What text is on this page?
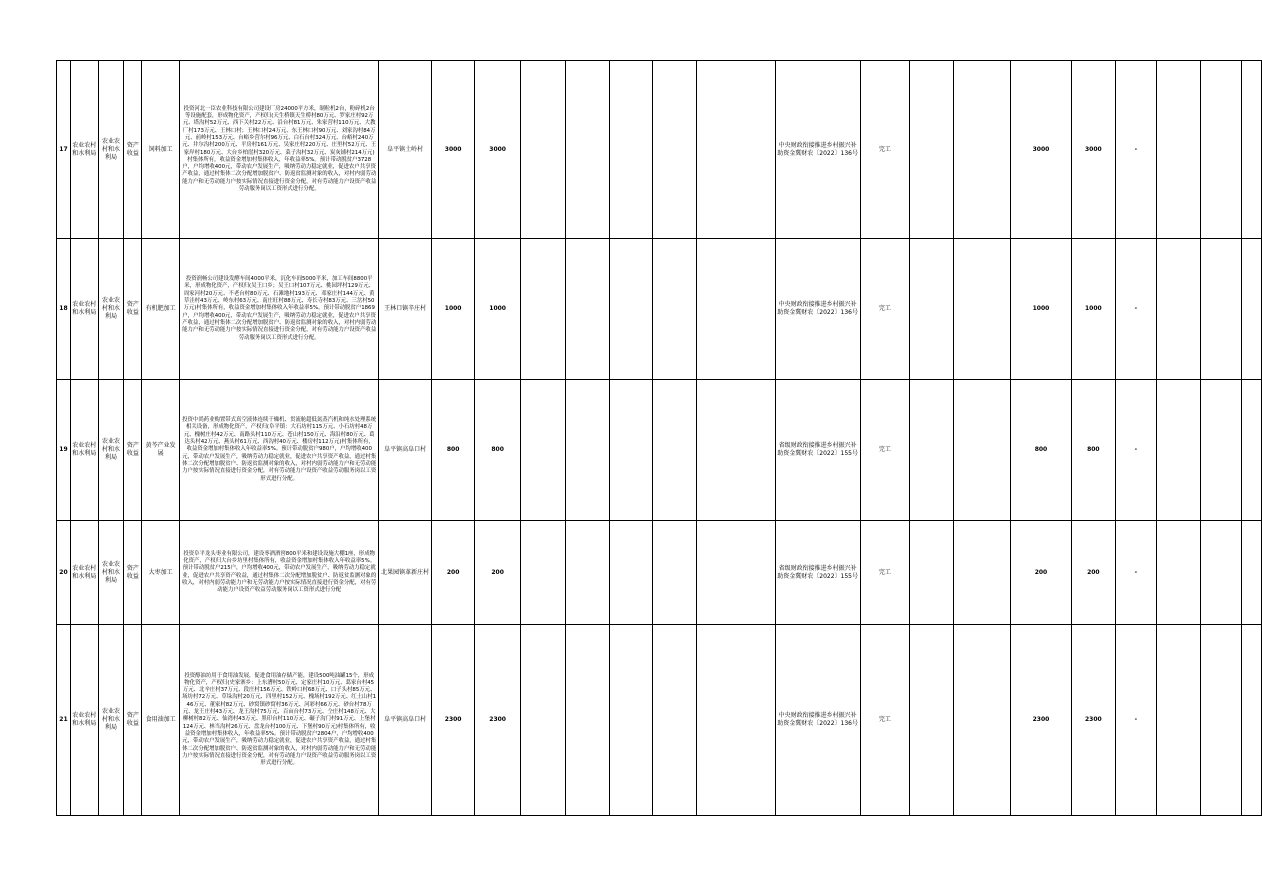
17	农业农村和水利局	农业农村和水利局	资产收益	饲料加工	投资河北一臣农业科技有限公司建设厂房24000平方米，制粒机2台，粉碎机2台等设施配套，形成物化资产，产权归(天生桥镇天生桥村80万元、罗家庄村92万元、塔沟村52万元、西下关村22万元、沿台村81万元、朱家营村110万元、大教厂村173万元、王林口村；王林口村24万元、东王林口村90万元、刘家沟村84万元、前岭村153万元、台峪乡营尔村96万元、白石台村324万元、台峪村240万元、井尔沟村200万元、平房村161万元、吴家庄村220万元、庄里村52万元、王家岸村180万元、大台乡柏崖村320万元、菜子沟村32万元、炭灰铺村214万元)村集体所有，收益资金增加村集体收入，年收益率5%。预计带动脱贫户3728户，户均增收400元，带动农户发展生产，吸纳劳动力稳定就业，促进农户共享资产收益，通过村集体二次分配增加脱贫户、防返贫监测对象的收入，对村内弱劳动能力户和无劳动能力户按实际情况直接进行资金分配，对有劳动能力户设资产收益劳动服务岗以工资形式进行分配。	阜平镇土岭村	3000	3000						中央财政衔接推进乡村振兴补助资金冀财农〔2022〕136号	完工			3000	3000	-			
18	农业农村和水利局	农业农村和水利局	资产收益	有机肥加工	投资润畅公司建设发酵车间4000平米，沉化车间5000平米，加工车间8800平米，形成物化资产，产权归(吴王口乡；吴王口村107万元、桃园坪村129万元、周家河村20万元、不老台村80万元、石滩地村193万元、邓家庄村144万元、黄草洼村43万元、岭东村63万元、南庄旺村88万元、寿长寺村83万元、三岔村50万元)村集体所有，收益资金增加村集体收入年收益率5%。预计带动脱贫户1869户，户均增收400元，带动农户发展生产，吸纳劳动力稳定就业，促进农户共享资产收益，通过村集体二次分配增加脱贫户、防返贫监测对象的收入，对村内弱劳动能力户和无劳动能力户按实际情况直接进行资金分配，对有劳动能力户设资产收益劳动服务岗以工资形式进行分配。	王林口镇辛庄村	1000	1000						中央财政衔接推进乡村振兴补助资金冀财农〔2022〕136号	完工			1000	1000	-			
19	农业农村和水利局	农业农村和水利局	资产收益	黄芩产业发展	投资中尚药业购置带式真空液体连续干燥机、贯流舱超低氮蒸汽机和纯水处理系统相关设备，形成物化资产，产权归(阜平镇：大石坊村115万元、小石坊村48万元、槐树庄村42万元、南路头村110万元、苍山村150万元、海沿村80万元、葛达头村42万元、燕头村61万元、西沟村40万元、楼房村112万元)村集体所有，收益资金增加村集体收入年收益率5%。预计带动脱贫户980户，户均增收400元，带动农户发展生产，吸纳劳动力稳定就业，促进农户共享资产收益，通过村集体二次分配增加脱贫户、防返贫监测对象的收入，对村内弱劳动能力户和无劳动能力户按实际情况直接进行资金分配，对有劳动能力户设资产收益劳动服务岗以工资形式进行分配。	阜平镇高阜口村	800	800						省级财政衔接推进乡村振兴补助资金冀财农〔2022〕155号	完工			800	800	-			
20	农业农村和水利局	农业农村和水利局	资产收益	大枣加工	投资阜平龙头枣业有限公司，建设枣酒酒窖800平米和建设设施大棚1座，形成物化资产，产权归大台乡坊里村集体所有，收益资金增加村集体收入年收益率5%。预计带动脱贫户215户，户均增收400元，带动农户发展生产，吸纳劳动力稳定就业，促进农户共享资产收益，通过村集体二次分配增加脱贫户、防返贫监测对象的收入，对村内弱劳动能力户和无劳动能力户按实际情况直接进行资金分配，对有劳动能力户设资产收益劳动服务岗以工资形式进行分配	北果园镇革新庄村	200	200						省级财政衔接推进乡村振兴补助资金冀财农〔2022〕155号	完工			200	200	-			
21	农业农村和水利局	农业农村和水利局	资产收益	食用油加工	投资醇油坊用于食用油发展，促进食用油存储产能，建设500吨油罐15个，形成物化资产，产权归(史家寨乡：上东漕村50万元、定家庄村10万元、葛家台村45万元、北辛庄村37万元、段庄村156万元、铁岭口村68万元、口子头村85万元、场坊村72万元、草垛沟村20万元、四里村152万元、槐场村192万元、红土山村146万元、董家村82万元、砂窝镇砂窝村36万元、河彩村66万元、砂台村78万元、龙王庄村43万元、龙王沟村75万元、百亩台村73万元、仝庄村148万元、大柳树村82万元、仙湾村43万元、黑印台村110万元、碾子沟门村91万元、上堡村124万元、林当沟村26万元、盘龙台村100万元、下堡村90万元)村集体所有，收益资金增加村集体收入，年收益率5%。预计带动脱贫户2804户，户均增收400元，带动农户发展生产，吸纳劳动力稳定就业，促进农户共享资产收益，通过村集体二次分配增加脱贫户、防返贫监测对象的收入，对村内弱劳动能力户和无劳动能力户按实际情况直接进行资金分配，对有劳动能力户设资产收益劳动服务岗以工资形式进行分配。	阜平镇高阜口村	2300	2300						中央财政衔接推进乡村振兴补助资金冀财农〔2022〕136号	完工			2300	2300	-			
